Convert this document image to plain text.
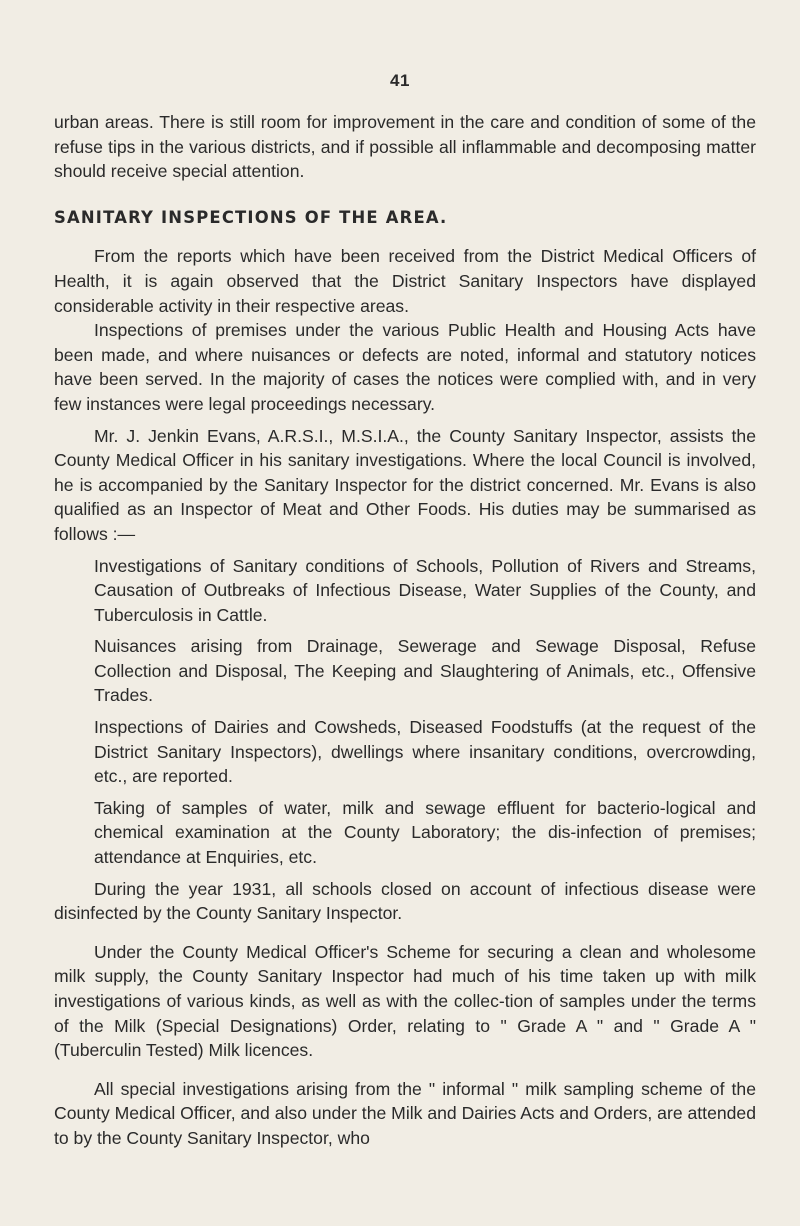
41

urban areas. There is still room for improvement in the care and condition of some of the refuse tips in the various districts, and if possible all inflammable and decomposing matter should receive special attention.

SANITARY INSPECTIONS OF THE AREA.

From the reports which have been received from the District Medical Officers of Health, it is again observed that the District Sanitary Inspectors have displayed considerable activity in their respective areas.

Inspections of premises under the various Public Health and Housing Acts have been made, and where nuisances or defects are noted, informal and statutory notices have been served. In the majority of cases the notices were complied with, and in very few instances were legal proceedings necessary.

Mr. J. Jenkin Evans, A.R.S.I., M.S.I.A., the County Sanitary Inspector, assists the County Medical Officer in his sanitary investigations. Where the local Council is involved, he is accompanied by the Sanitary Inspector for the district concerned. Mr. Evans is also qualified as an Inspector of Meat and Other Foods. His duties may be summarised as follows :—

Investigations of Sanitary conditions of Schools, Pollution of Rivers and Streams, Causation of Outbreaks of Infectious Disease, Water Supplies of the County, and Tuberculosis in Cattle.

Nuisances arising from Drainage, Sewerage and Sewage Disposal, Refuse Collection and Disposal, The Keeping and Slaughtering of Animals, etc., Offensive Trades.

Inspections of Dairies and Cowsheds, Diseased Foodstuffs (at the request of the District Sanitary Inspectors), dwellings where insanitary conditions, overcrowding, etc., are reported.

Taking of samples of water, milk and sewage effluent for bacterio-logical and chemical examination at the County Laboratory; the dis-infection of premises; attendance at Enquiries, etc.

During the year 1931, all schools closed on account of infectious disease were disinfected by the County Sanitary Inspector.

Under the County Medical Officer's Scheme for securing a clean and wholesome milk supply, the County Sanitary Inspector had much of his time taken up with milk investigations of various kinds, as well as with the collec-tion of samples under the terms of the Milk (Special Designations) Order, relating to " Grade A " and " Grade A " (Tuberculin Tested) Milk licences.

All special investigations arising from the " informal " milk sampling scheme of the County Medical Officer, and also under the Milk and Dairies Acts and Orders, are attended to by the County Sanitary Inspector, who
